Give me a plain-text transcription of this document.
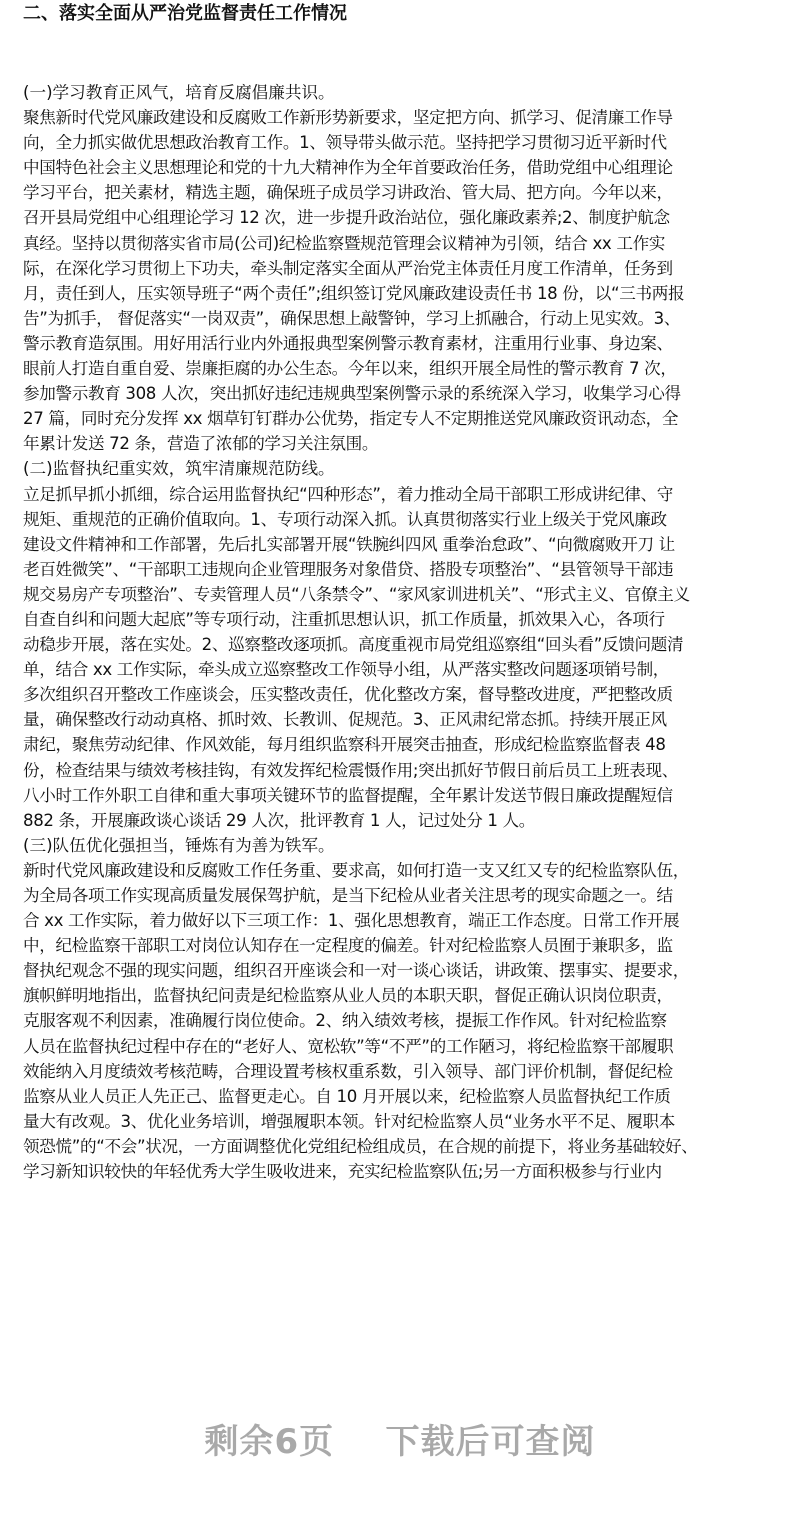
二、落实全面从严治党监督责任工作情况
(一)学习教育正风气，培育反腐倡廉共识。
聚焦新时代党风廉政建设和反腐败工作新形势新要求，坚定把方向、抓学习、促清廉工作导
向，全力抓实做优思想政治教育工作。1、领导带头做示范。坚持把学习贯彻习近平新时代
中国特色社会主义思想理论和党的十九大精神作为全年首要政治任务，借助党组中心组理论
学习平台，把关素材，精选主题，确保班子成员学习讲政治、管大局、把方向。今年以来，
召开县局党组中心组理论学习 12 次，进一步提升政治站位，强化廉政素养;2、制度护航念
真经。坚持以贯彻落实省市局(公司)纪检监察暨规范管理会议精神为引领，结合 xx 工作实
际，在深化学习贯彻上下功夫，牵头制定落实全面从严治党主体责任月度工作清单，任务到
月，责任到人，压实领导班子“两个责任”;组织签订党风廉政建设责任书 18 份，以“三书两报
告”为抓手， 督促落实“一岗双责”，确保思想上敲警钟，学习上抓融合，行动上见实效。3、
警示教育造氛围。用好用活行业内外通报典型案例警示教育素材，注重用行业事、身边案、
眼前人打造自重自爱、崇廉拒腐的办公生态。今年以来，组织开展全局性的警示教育 7 次，
参加警示教育 308 人次，突出抓好违纪违规典型案例警示录的系统深入学习，收集学习心得
27 篇，同时充分发挥 xx 烟草钉钉群办公优势，指定专人不定期推送党风廉政资讯动态，全
年累计发送 72 条，营造了浓郁的学习关注氛围。
(二)监督执纪重实效，筑牢清廉规范防线。
立足抓早抓小抓细，综合运用监督执纪“四种形态”，着力推动全局干部职工形成讲纪律、守
规矩、重规范的正确价值取向。1、专项行动深入抓。认真贯彻落实行业上级关于党风廉政
建设文件精神和工作部署，先后扎实部署开展“铁腕纠四风 重拳治怠政”、“向微腐败开刀 让
老百姓微笑”、“干部职工违规向企业管理服务对象借贷、搭股专项整治”、“县管领导干部违
规交易房产专项整治”、专卖管理人员“八条禁令”、“家风家训进机关”、“形式主义、官僚主义
自查自纠和问题大起底”等专项行动，注重抓思想认识，抓工作质量，抓效果入心，各项行
动稳步开展，落在实处。2、巡察整改逐项抓。高度重视市局党组巡察组“回头看”反馈问题清
单，结合 xx 工作实际，牵头成立巡察整改工作领导小组，从严落实整改问题逐项销号制，
多次组织召开整改工作座谈会，压实整改责任，优化整改方案，督导整改进度，严把整改质
量，确保整改行动动真格、抓时效、长教训、促规范。3、正风肃纪常态抓。持续开展正风
肃纪，聚焦劳动纪律、作风效能，每月组织监察科开展突击抽查，形成纪检监察监督表 48
份，检查结果与绩效考核挂钩，有效发挥纪检震慑作用;突出抓好节假日前后员工上班表现、
八小时工作外职工自律和重大事项关键环节的监督提醒，全年累计发送节假日廉政提醒短信
882 条，开展廉政谈心谈话 29 人次，批评教育 1 人，记过处分 1 人。
(三)队伍优化强担当，锤炼有为善为铁军。
新时代党风廉政建设和反腐败工作任务重、要求高，如何打造一支又红又专的纪检监察队伍，
为全局各项工作实现高质量发展保驾护航，是当下纪检从业者关注思考的现实命题之一。结
合 xx 工作实际，着力做好以下三项工作：1、强化思想教育，端正工作态度。日常工作开展
中，纪检监察干部职工对岗位认知存在一定程度的偏差。针对纪检监察人员囿于兼职多，监
督执纪观念不强的现实问题，组织召开座谈会和一对一谈心谈话，讲政策、摆事实、提要求，
旗帜鲜明地指出，监督执纪问责是纪检监察从业人员的本职天职，督促正确认识岗位职责，
克服客观不利因素，准确履行岗位使命。2、纳入绩效考核，提振工作作风。针对纪检监察
人员在监督执纪过程中存在的“老好人、宽松软”等“不严”的工作陋习，将纪检监察干部履职
效能纳入月度绩效考核范畴，合理设置考核权重系数，引入领导、部门评价机制，督促纪检
监察从业人员正人先正己、监督更走心。自 10 月开展以来，纪检监察人员监督执纪工作质
量大有改观。3、优化业务培训，增强履职本领。针对纪检监察人员“业务水平不足、履职本
领恐慌”的“不会”状况，一方面调整优化党组纪检组成员，在合规的前提下，将业务基础较好、
学习新知识较快的年轻优秀大学生吸收进来，充实纪检监察队伍;另一方面积极参与行业内
剩余6页 下载后可查阅
